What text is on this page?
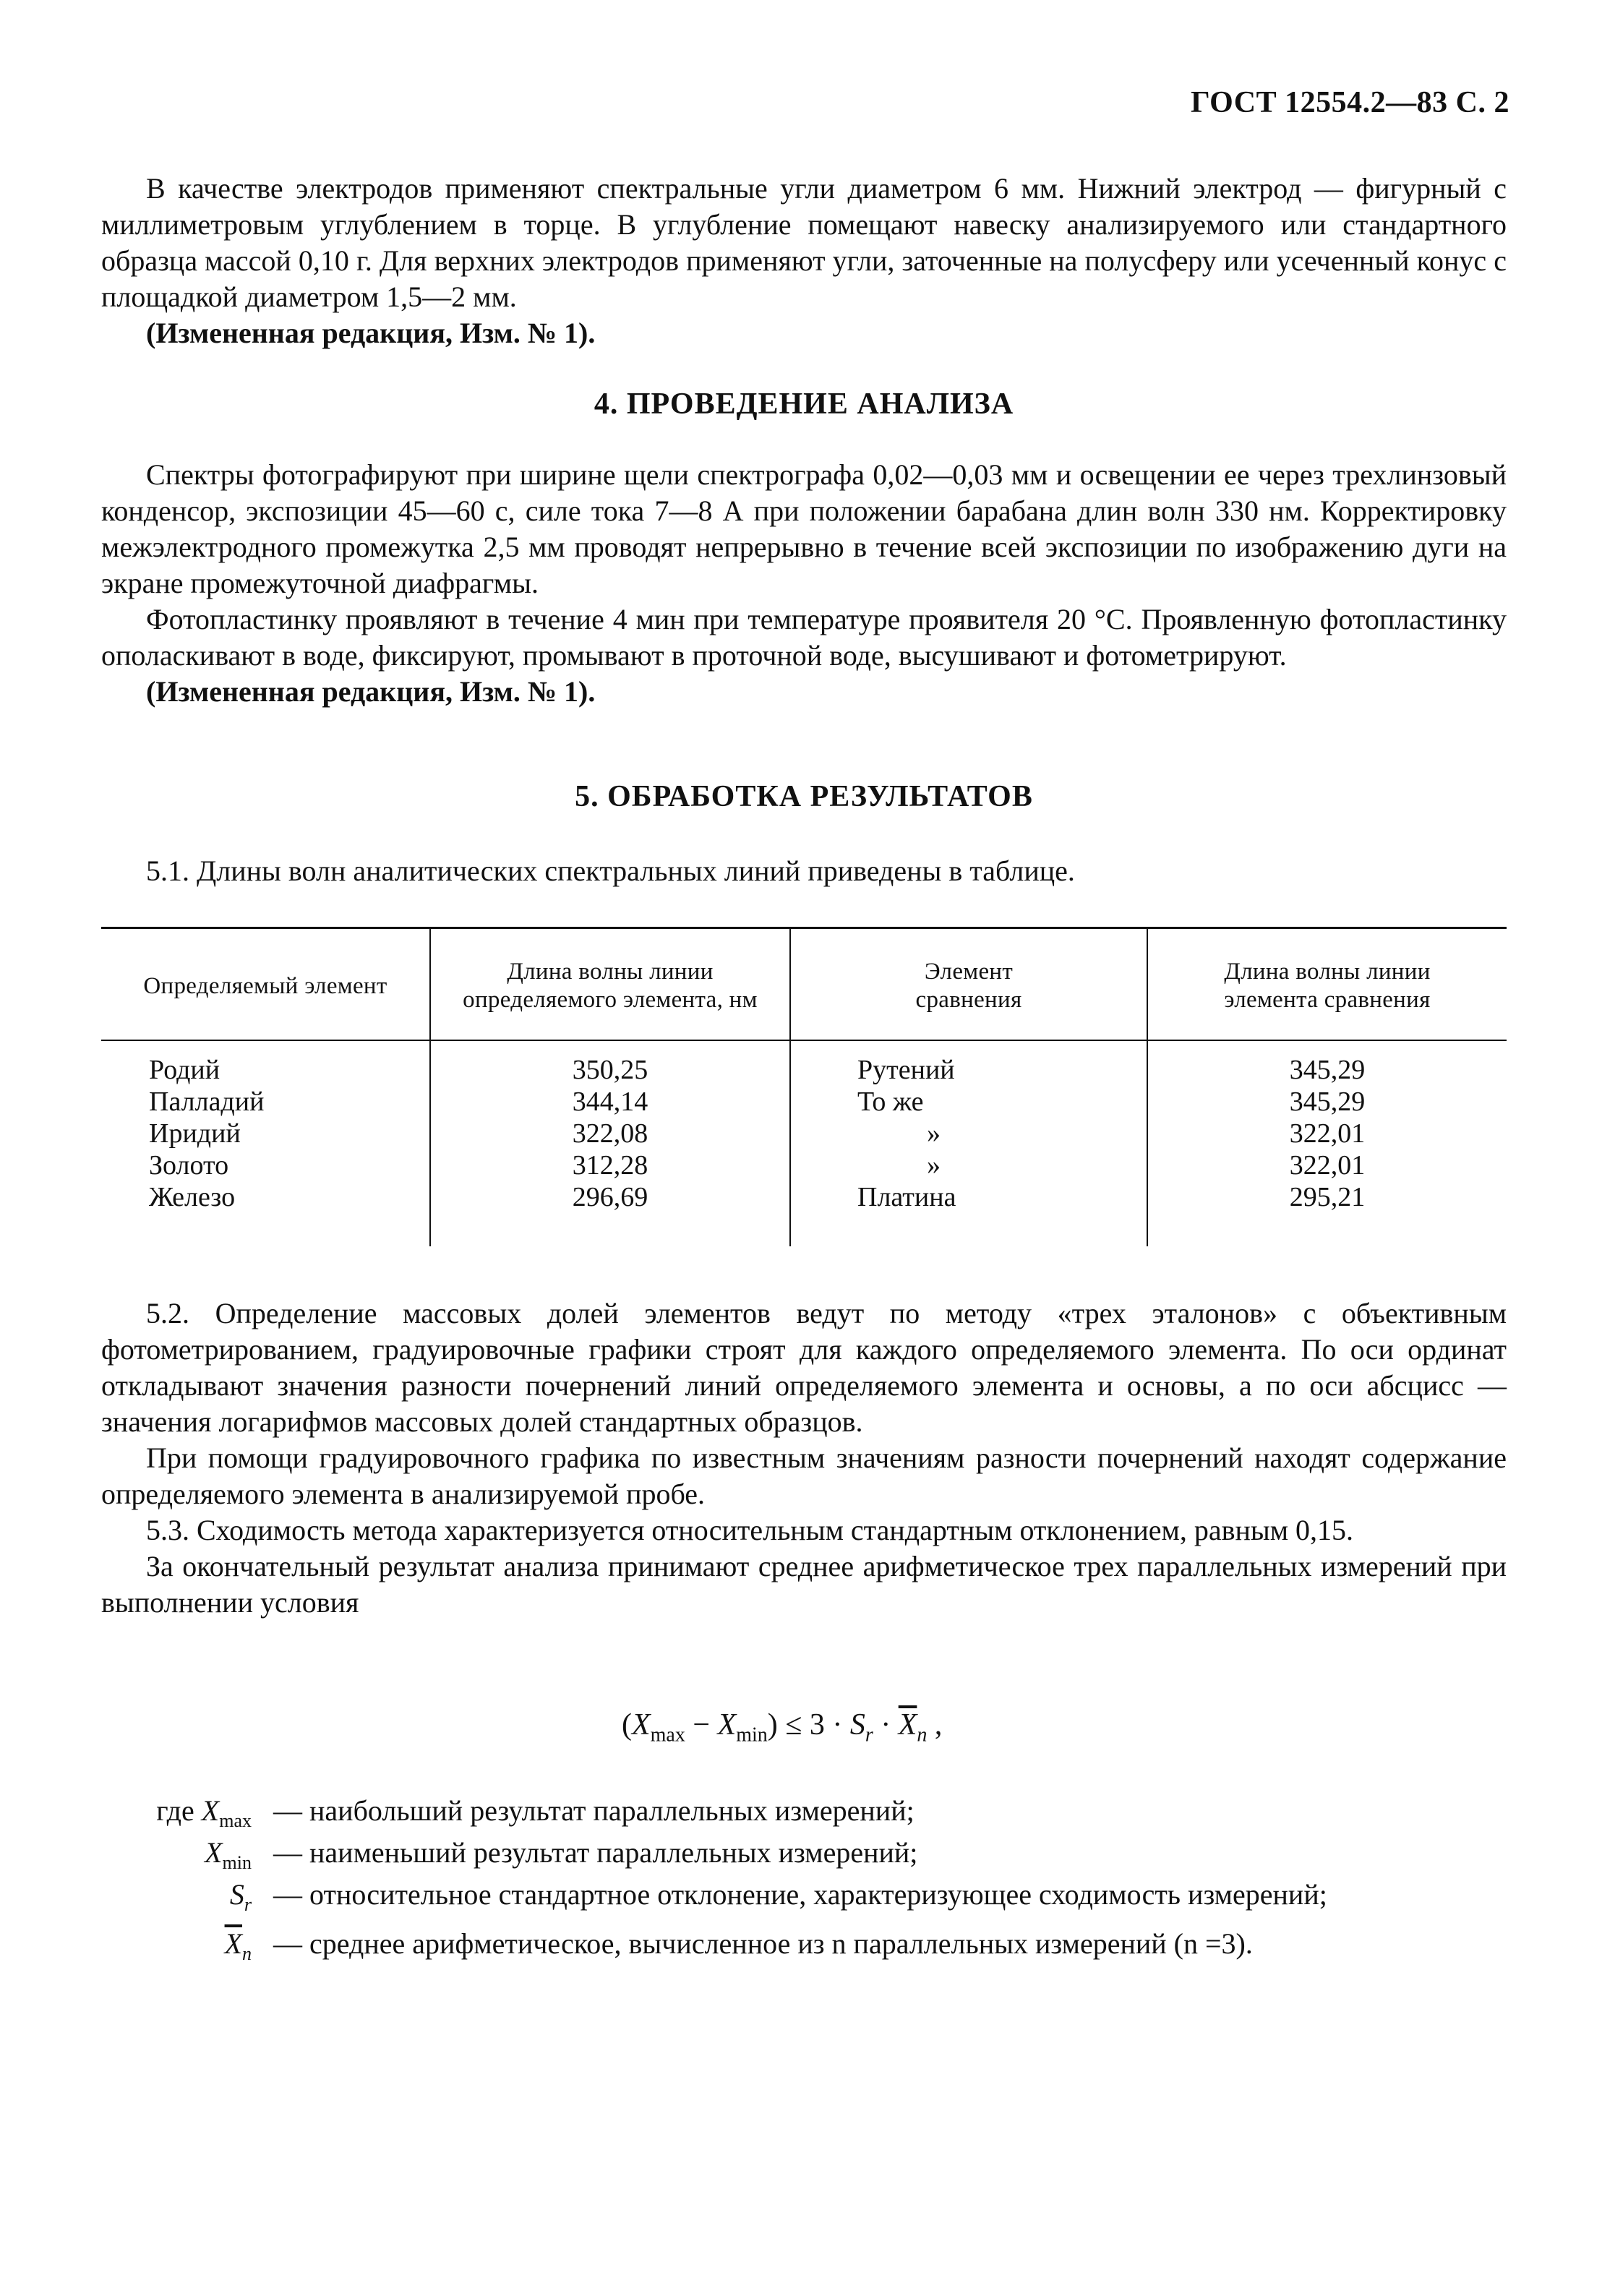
ГОСТ 12554.2—83 С. 2

В качестве электродов применяют спектральные угли диаметром 6 мм. Нижний электрод — фигурный с миллиметровым углублением в торце. В углубление помещают навеску анализируемого или стандартного образца массой 0,10 г. Для верхних электродов применяют угли, заточенные на полусферу или усеченный конус с площадкой диаметром 1,5—2 мм.

(Измененная редакция, Изм. № 1).

4. ПРОВЕДЕНИЕ АНАЛИЗА

Спектры фотографируют при ширине щели спектрографа 0,02—0,03 мм и освещении ее через трехлинзовый конденсор, экспозиции 45—60 с, силе тока 7—8 А при положении барабана длин волн 330 нм. Корректировку межэлектродного промежутка 2,5 мм проводят непрерывно в течение всей экспозиции по изображению дуги на экране промежуточной диафрагмы.

Фотопластинку проявляют в течение 4 мин при температуре проявителя 20 °С. Проявленную фотопластинку ополаскивают в воде, фиксируют, промывают в проточной воде, высушивают и фотометрируют.

(Измененная редакция, Изм. № 1).

5. ОБРАБОТКА РЕЗУЛЬТАТОВ

5.1. Длины волн аналитических спектральных линий приведены в таблице.

Определяемый элемент
Длина волны линии определяемого элемента, нм
Элемент сравнения
Длина волны линии элемента сравнения
Родий
Палладий
Иридий
Золото
Железо
350,25
344,14
322,08
312,28
296,69
Рутений
То же
»
»
Платина
345,29
345,29
322,01
322,01
295,21

5.2. Определение массовых долей элементов ведут по методу «трех эталонов» с объективным фотометрированием, градуировочные графики строят для каждого определяемого элемента. По оси ординат откладывают значения разности почернений линий определяемого элемента и основы, а по оси абсцисс — значения логарифмов массовых долей стандартных образцов.

При помощи градуировочного графика по известным значениям разности почернений находят содержание определяемого элемента в анализируемой пробе.

5.3. Сходимость метода характеризуется относительным стандартным отклонением, равным 0,15.

За окончательный результат анализа принимают среднее арифметическое трех параллельных измерений при выполнении условия

$(X_{max} - X_{min}) \le 3 \cdot S_r \cdot \overline{X}_n$ ,
где $X_{max}$ — наибольший результат параллельных измерений;
$X_{min}$ — наименьший результат параллельных измерений;
$S_r$ — относительное стандартное отклонение, характеризующее сходимость измерений;
$\overline{X}_n$ — среднее арифметическое, вычисленное из n параллельных измерений (n =3).
